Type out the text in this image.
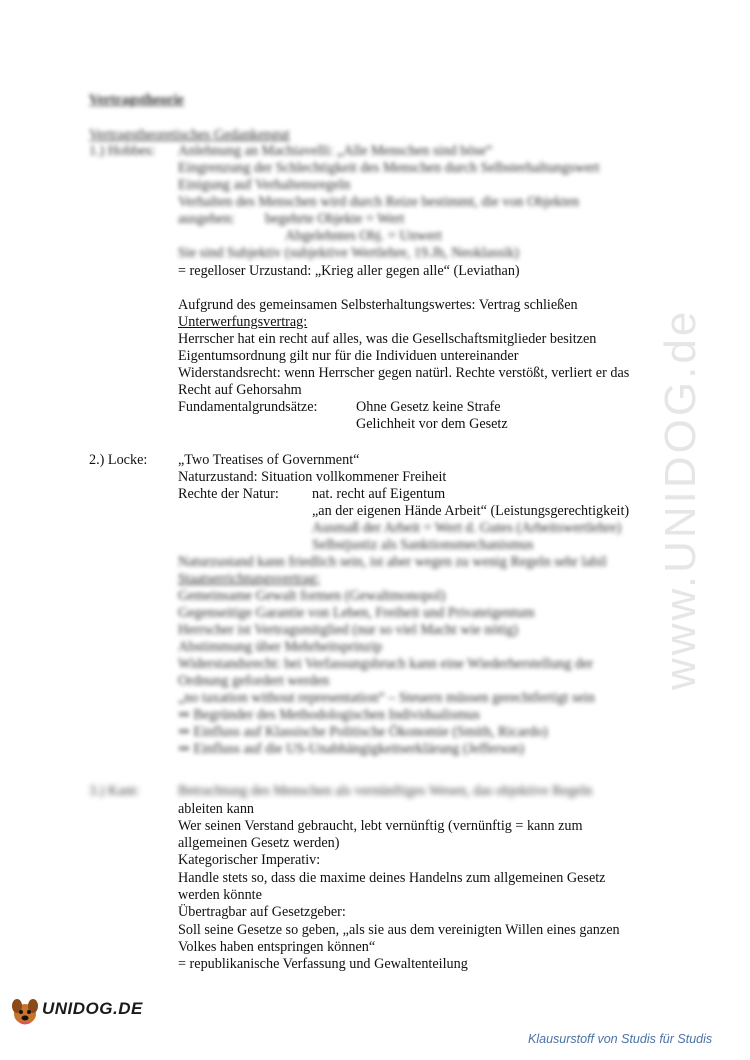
www.UNIDOG.de
Vertragstheorie
Vertragstheoretisches Gedankengut
1.) Hobbes: Anlehnung an Machiavelli: „Alle Menschen sind böse“
Eingrenzung der Schlechtigkeit des Menschen durch Selbsterhaltungswert
Einigung auf Verhaltensregeln
Verhalten des Menschen wird durch Reize bestimmt, die von Objekten
ausgehen: begehrte Objekte = Wert
Abgelehntes Obj. = Unwert
Sie sind Subjektiv (subjektive Wertlehre, 19.Jh, Neoklassik)
= regelloser Urzustand: „Krieg aller gegen alle“ (Leviathan)
Aufgrund des gemeinsamen Selbsterhaltungswertes: Vertrag schließen
Unterwerfungsvertrag:
Herrscher hat ein recht auf alles, was die Gesellschaftsmitglieder besitzen
Eigentumsordnung gilt nur für die Individuen untereinander
Widerstandsrecht: wenn Herrscher gegen natürl. Rechte verstößt, verliert er das
Recht auf Gehorsahm
Fundamentalgrundsätze:	Ohne Gesetz keine Strafe
Gelichheit vor dem Gesetz
2.) Locke: „Two Treatises of Government“
Naturzustand: Situation vollkommener Freiheit
Rechte der Natur: nat. recht auf Eigentum
„an der eigenen Hände Arbeit“ (Leistungsgerechtigkeit)
Ausmaß der Arbeit = Wert d. Gutes (Arbeitswertlehre)
Selbstjustiz als Sanktionsmechanismus
Naturzustand kann friedlich sein, ist aber wegen zu wenig Regeln sehr labil
Staatserrichtungsvertrag:
Gemeinsame Gewalt formen (Gewaltmonopol)
Gegenseitige Garantie von Leben, Freiheit und Privateigentum
Herrscher ist Vertragsmitglied (nur so viel Macht wie nötig)
Abstimmung über Mehrheitsprinzip
Widerstandsrecht: bei Verfassungsbruch kann eine Wiederherstellung der
Ordnung gefordert werden
„no taxation without representation“ – Steuern müssen gerechtfertigt sein
⇒ Begründer des Methodologischen Individualismus
⇒ Einfluss auf Klassische Politische Ökonomie (Smith, Ricardo)
⇒ Einfluss auf die US-Unabhängigkeitserklärung (Jefferson)
3.) Kant:	Betrachtung des Menschen als vernünftiges Wesen, das objektive Regeln
ableiten kann
Wer seinen Verstand gebraucht, lebt vernünftig (vernünftig = kann zum
allgemeinen Gesetz werden)
Kategorischer Imperativ:
Handle stets so, dass die maxime deines Handelns zum allgemeinen Gesetz
werden könnte
Übertragbar auf Gesetzgeber:
Soll seine Gesetze so geben, „als sie aus dem vereinigten Willen eines ganzen
Volkes haben entspringen können“
= republikanische Verfassung und Gewaltenteilung
UNIDOG.DE
Klausurstoff von Studis für Studis
